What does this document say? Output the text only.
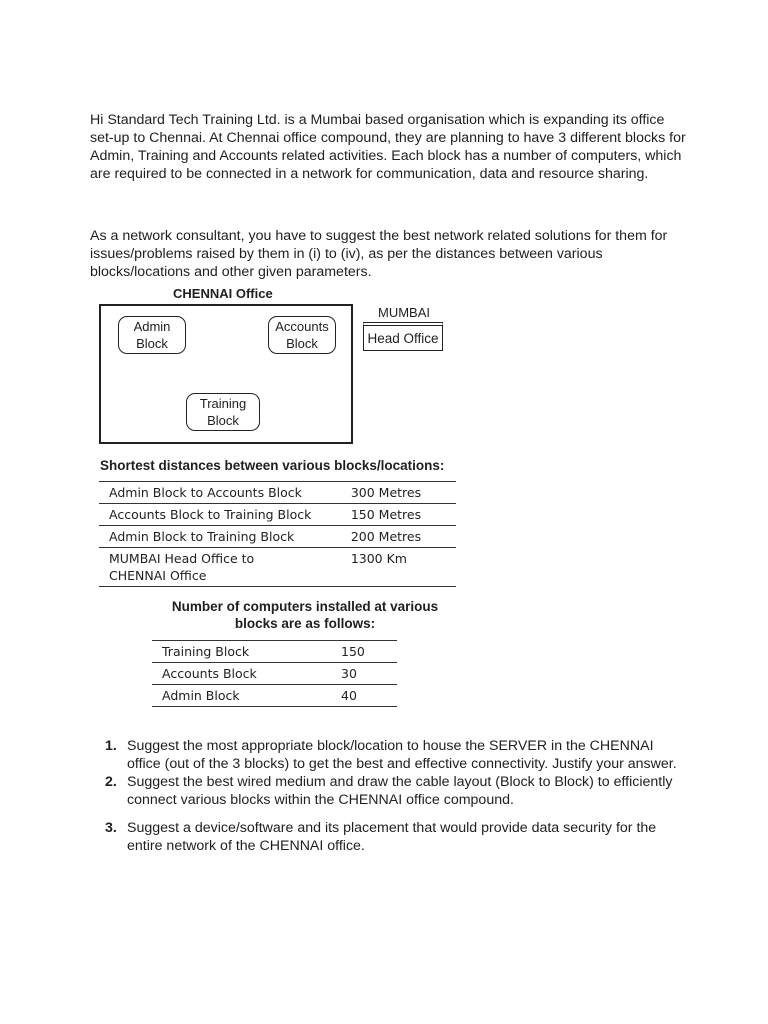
Hi Standard Tech Training Ltd. is a Mumbai based organisation which is expanding its office set-up to Chennai. At Chennai office compound, they are planning to have 3 different blocks for Admin, Training and Accounts related activities. Each block has a number of computers, which are required to be connected in a network for communication, data and resource sharing.

As a network consultant, you have to suggest the best network related solutions for them for issues/problems raised by them in (i) to (iv), as per the distances between various blocks/locations and other given parameters.

CHENNAI Office
Admin Block
Accounts Block
Training Block
MUMBAI
Head Office
Shortest distances between various blocks/locations:
Admin Block to Accounts Block	300 Metres
Accounts Block to Training Block	150 Metres
Admin Block to Training Block	200 Metres
MUMBAI Head Office to CHENNAI Office	1300 Km
Number of computers installed at various blocks are as follows:
Training Block	150
Accounts Block	30
Admin Block	40
1. Suggest the most appropriate block/location to house the SERVER in the CHENNAI office (out of the 3 blocks) to get the best and effective connectivity. Justify your answer.
2. Suggest the best wired medium and draw the cable layout (Block to Block) to efficiently connect various blocks within the CHENNAI office compound.
3. Suggest a device/software and its placement that would provide data security for the entire network of the CHENNAI office.
